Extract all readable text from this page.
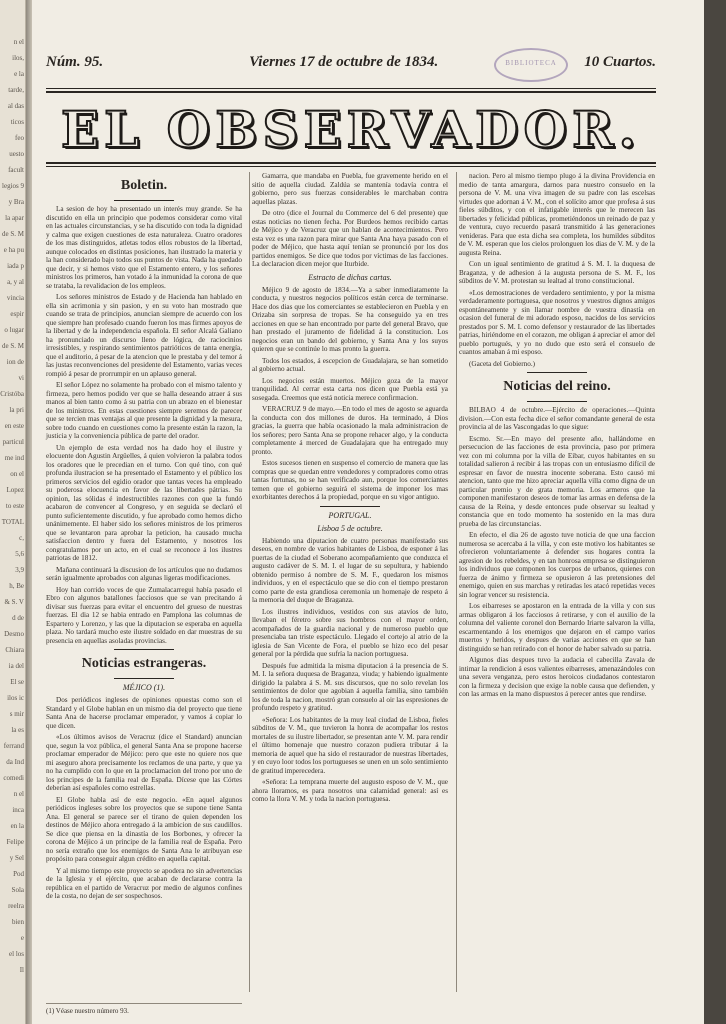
n el
ilos,
e la
tarde,
al das
ticos
feo
uesto
facult
legios 9
y Bra
la apar
de S. M
e ha pu
iada p
a, y al
vincia
espir
o lugar
de S. M
ion de
vi
Cristóba
la pri
en este
particul
me ind
on el
Lopez
to este
TOTAL
c,
5,6
3,9
h, Be
& S. V
d de
Desmo
Chiara
ia del
El se
ilos ic
s mir
la es
ferrand
da Ind
comedi
n el
inca
en la
Felipe
y Sel
Pod
Sola
reelra
bien
e
el los
Il
Núm. 95.	Viernes 17 de octubre de 1834.	10 Cuartos.
BIBLIOTECA
EL OBSERVADOR.
Boletin.

La sesion de hoy ha presentado un interés muy grande. Se ha discutido en ella un principio que podemos considerar como vital en las actuales circunstancias, y se ha discutido con toda la dignidad y calma que exigen cuestiones de esta naturaleza. Cuatro oradores de los mas distinguidos, atletas todos ellos robustos de la libertad, aunque colocados en distintas posiciones, han ilustrado la materia y la han considerado bajo todos sus puntos de vista. Nada ha quedado que decir, y si hemos visto que el Estamento entero, y los señores ministros los primeros, han votado á la inmunidad la corona de que se trataba, la revalidacion de los empleos.

Los señores ministros de Estado y de Hacienda han hablado en ella sin acrimonia y sin pasion, y en su voto han mostrado que cuando se trata de principios, anuncian siempre de acuerdo con los que siempre han profesado cuando fueron los mas firmes apoyos de la libertad y de la independencia española. El señor Alcalá Galiano ha pronunciado un discurso lleno de lógica, de raciocinios irresistibles, y respirando sentimientos patrióticos de tanta energía, que el auditorio, á pesar de la atencion que le prestaba y del temor á las justas reconvenciones del presidente del Estamento, varias veces rompió á pesar de prorrumpir en un aplauso general.

El señor López no solamente ha probado con el mismo talento y firmeza, pero hemos podido ver que se halla deseando atraer á sus manos al bien tanto como á su patria con un abrazo en el bienestar de los ministros. En estas cuestiones siempre seremos de parecer que se tercien mas ventajas al que presente la dignidad y la mesura, sobre todo cuando en cuestiones como la presente están la razon, la justicia y la conveniencia pública de parte del orador.

Un ejemplo de esta verdad nos ha dado hoy el ilustre y elocuente don Agustin Argüelles, á quien volvieron la palabra todos los oradores que le precedian en el turno. Con qué tino, con qué profunda ilustracion se ha presentado el Estamento y el público los primeros servicios del egidio orador que tantas veces ha empleado su poderosa elocuencia en favor de las libertades pátrias. Su opinion, las sólidas é indestructibles razones con que la fundó acabaron de convencer al Congreso, y en seguida se declaró el punto suficientemente discutido, y fue aprobado como hemos dicho unánimemente. El haber sido los señores ministros de los primeros que se levantaron para aprobar la peticion, ha causado mucha satisfaccion dentro y fuera del Estamento, y nosotros los congratulamos por un acto, en el cual se reconoce á los ilustres patriotas de 1812.

Mañana continuará la discusion de los artículos que no dudamos serán igualmente aprobados con algunas ligeras modificaciones.

Hoy han corrido voces de que Zumalacarregui había pasado el Ebro con algunos batallones facciosos que se van precitando á divisar sus fuerzas para evitar el encuentro del grueso de nuestras fuerzas. El dia 12 se habia entrado en Pamplona las columnas de Espartero y Lorenzo, y las que la diputacion se esperaba en aquella plaza. No tardará mucho este ilustre soldado en dar muestras de su presencia en aquellas asoladas provincias.

Noticias estrangeras.
MÉJICO (1).

Dos periódicos ingleses de opiniones opuestas como son el Standard y el Globe hablan en un mismo dia del proyecto que tiene Santa Ana de hacerse proclamar emperador, y vamos á copiar lo que dicen.

«Los últimos avisos de Veracruz (dice el Standard) anuncian que, segun la voz pública, el general Santa Ana se propone hacerse proclamar emperador de Méjico: pero que este no quiere nos que mi aseguro ahora precisamente los reclamos de una parte, y que ya no ha cumplido con lo que en la proclamacion del trono por uno de los principes de la familia real de España. Dícese que las Córtes deberían así españoles como estrellas.

El Globe habla así de este negocio. «En aquel algunos periódicos ingleses sobre los proyectos que se supone tiene Santa Ana. El general se parece ser el tirano de quien dependen los destinos de Méjico ahora entregado á la ambicion de sus caudillos. Se dice que piensa en la dinastía de los Borbones, y ofrecer la corona de Méjico á un principe de la familia real de España. Pero no sería extraño que los enemigos de Santa Ana le atribuyan ese propósito para conseguir algun crédito en aquella capital.

Y al mismo tiempo este proyecto se apodera no sin advertencias de la Iglesia y el ejército, que acaban de declararse contra la república en el partido de Veracruz por medio de algunos confines de la costa, no dejan de ser sospechosos.

(1) Véase nuestro número 93.

Gamarra, que mandaba en Puebla, fue gravemente herido en el sitio de aquella ciudad. Zaldúa se mantenía todavía contra el gobierno, pero sus fuerzas considerables le marchaban contra aquellas plazas.

De otro (dice el Journal du Commerce del 6 del presente) que estas noticias no tienen fecha. Por Burdeos hemos recibido cartas de Méjico y de Veracruz que un hablan de acontecimientos. Pero esta vez es una razon para mirar que Santa Ana haya pasado con el poder de Méjico, que hasta aquí tenían se pronunció por los dos partidos enemigos. Se dice que todos por víctimas de las facciones. La declaracion dicen mejor que Iturbide.

Estracto de dichas cartas.

Méjico 9 de agosto de 1834.—Ya a saber inmediatamente la conducta, y nuestros negocios políticos están cerca de terminarse. Hace dos dias que los comerciantes se establecieron en Puebla y en Orizaba sin sorpresa de tropas. Se ha conseguido ya en tres acciones en que se han encontrado por parte del general Bravo, que han prestado el juramento de fidelidad á la constitucion. Los negocios eran un bando del gobierno, y Santa Ana y los suyos quieren que se continúe lo mas pronto la guerra.

Todos los estados, á escepcion de Guadalajara, se han sometido al gobierno actual.

Los negocios están muertos. Méjico goza de la mayor tranquilidad. Al cerrar esta carta nos dicen que Puebla está ya sosegada. Creemos que está noticia merece confirmacion.

VERACRUZ 9 de mayo.—En todo el mes de agosto se aguarda la conducta con dos millones de duros. Ha terminado, á Dios gracias, la guerra que había ocasionado la mala administracion de los señores; pero Santa Ana se propone rehacer algo, y la conducta completamente á merced de Guadalajara que ha entregado muy pronto.

Estos sucesos tienen en suspenso el comercio de manera que las compras que se quedan entre vendedores y compradores como otras tantas fortunas, no se han verificado aun, porque los comerciantes temen que el gobierno seguirá el sistema de imponer los mas exorbitantes derechos á la propiedad, porque en su vigor antiguo.

PORTUGAL.
Lisboa 5 de octubre.

Habiendo una diputacion de cuatro personas manifestado sus deseos, en nombre de varios habitantes de Lisboa, de esponer á las puertas de la ciudad el Soberano acompañamiento que conduzca el augusto cadáver de S. M. I. el lugar de su sepultura, y habiendo obtenido permiso á nombre de S. M. F., quedaron los mismos individuos, y en el espectáculo que se dio con el tiempo prestaron como parte de esta grandiosa ceremonia un homenaje de respeto á la memoria del duque de Braganza.

Los ilustres individuos, vestidos con sus atavíos de luto, llevaban el féretro sobre sus hombros con el mayor orden, acompañados de la guardia nacional y de numeroso pueblo que presenciaba tan triste espectáculo. Llegado el cortejo al atrio de la iglesia de San Vicente de Fora, el pueblo se hizo eco del pesar general por la pérdida que sufría la nacion portuguesa.

Después fue admitida la misma diputacion á la presencia de S. M. I. la señora duquesa de Braganza, viuda; y habiendo igualmente dirigido la palabra á S. M. sus discursos, que no solo revelan los sentimientos de dolor que agobian á aquella familia, sino también los de toda la nacion, mostró gran consuelo al oir las espresiones de profundo respeto y gratitud.

«Señora: Los habitantes de la muy leal ciudad de Lisboa, fieles súbditos de V. M., que tuvieron la honra de acompañar los restos mortales de su ilustre libertador, se presentan ante V. M. para rendir el último homenaje que nuestro corazon pudiera tributar á la memoria de aquel que ha sido el restaurador de nuestras libertades, y en cuyo loor todos los portugueses se unen en un solo sentimiento de gratitud imperecedera.

«Señora: La temprana muerte del augusto esposo de V. M., que ahora lloramos, es para nosotros una calamidad general: así es como la llora V. M. y toda la nacion portuguesa.

nacion. Pero al mismo tiempo plugo á la divina Providencia en medio de tanta amargura, darnos para nuestro consuelo en la persona de V. M. una viva imagen de su padre con las escelsas virtudes que adornan á V. M., con el solícito amor que profesa á sus fieles súbditos, y con el infatigable interés que le merecen las libertades y felicidad públicas, prometiéndonos un reinado de paz y de ventura, cuyo recuerdo pasará transmitido á las generaciones venideras. Para que esta dicha sea completa, los humildes súbditos de V. M. esperan que los cielos prolonguen los dias de V. M. y de la augusta Reina.

Con un igual sentimiento de gratitud á S. M. I. la duquesa de Braganza, y de adhesion á la augusta persona de S. M. F., los súbditos de V. M. protestan su lealtad al trono constitucional.

«Los demostraciones de verdadero sentimiento, y por la misma verdaderamente portuguesa, que nosotros y vuestros dignos amigos espontáneamente y sin llamar nombre de vuestra dinastía en ocasion del funeral de mi adorado esposo, nacidos de los servicios prestados por S. M. I. como defensor y restaurador de las libertades patrias, hiriéndome en el corazon, me obligan á apreciar el amor del pueblo portugués, y yo no dudo que esto será el consuelo de cuantos amaban á mi esposo.

(Gaceta del Gobierno.)

Noticias del reino.

BILBAO 4 de octubre.—Ejército de operaciones.—Quinta division.—Con esta fecha dice el señor comandante general de esta provincia al de las Vascongadas lo que sigue:

Escmo. Sr.—En mayo del presente año, hallándome en persecucion de las facciones de esta provincia, paso por primera vez con mi columna por la villa de Eibar, cuyos habitantes en su totalidad salieron á recibir á las tropas con un entusiasmo difícil de espresar en favor de nuestra inocente soberana. Esto causó mi atencion, tanto que me hizo apreciar aquella villa como digna de un particular premio y de grata memoria. Los armeros que la componen manifestaron deseos de tomar las armas en defensa de la causa de la Reina, y desde entonces pude observar su lealtad y constancia que en todo momento ha sostenido en la mas dura prueba de las circunstancias.

En efecto, el dia 26 de agosto tuve noticia de que una faccion numerosa se acercaba á la villa, y con este motivo los habitantes se ofrecieron voluntariamente á defender sus hogares contra la agresion de los rebeldes, y en tan honrosa empresa se distinguieron los individuos que componen los cuerpos de urbanos, quienes con fuerza de ánimo y firmeza se opusieron á las pretensiones del enemigo, quien en sus marchas y retiradas les atacó repetidas veces sin lograr vencer su resistencia.

Los eibarreses se apostaron en la entrada de la villa y con sus armas obligaron á los facciosos á retirarse, y con el auxilio de la columna del valiente coronel don Bernardo Iriarte salvaron la villa, escarmentando á los enemigos que dejaron en el campo varios muertos y heridos, y despues de varias acciones en que se han distinguido se han retirado con el honor de haber salvado su patria.

Algunos dias despues tuvo la audacia el cabecilla Zavala de intimar la rendicion á esos valientes eibarreses, amenazándoles con una severa venganza, pero estos heroicos ciudadanos contestaron con la firmeza y decision que exige la noble causa que defienden, y con las armas en la mano dispuestos á perecer antes que rendirse.
